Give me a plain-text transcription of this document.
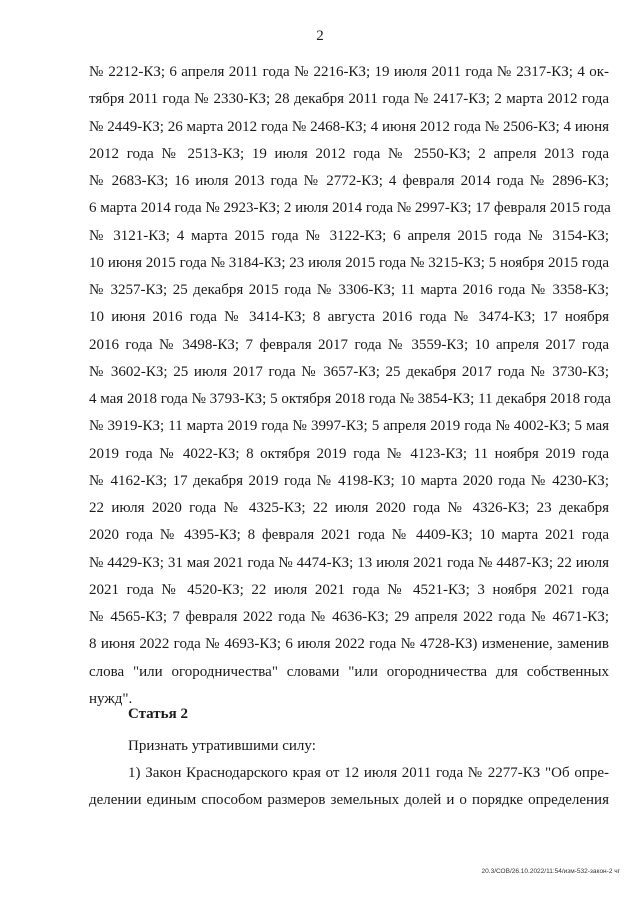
2
№ 2212-КЗ; 6 апреля 2011 года № 2216-КЗ; 19 июля 2011 года № 2317-КЗ; 4 ок-
тября 2011 года № 2330-КЗ; 28 декабря 2011 года № 2417-КЗ; 2 марта 2012 года
№ 2449-КЗ; 26 марта 2012 года № 2468-КЗ; 4 июня 2012 года № 2506-КЗ; 4 июня
2012 года № 2513-КЗ; 19 июля 2012 года № 2550-КЗ; 2 апреля 2013 года
№ 2683-КЗ; 16 июля 2013 года № 2772-КЗ; 4 февраля 2014 года № 2896-КЗ;
6 марта 2014 года № 2923-КЗ; 2 июля 2014 года № 2997-КЗ; 17 февраля 2015 года
№ 3121-КЗ; 4 марта 2015 года № 3122-КЗ; 6 апреля 2015 года № 3154-КЗ;
10 июня 2015 года № 3184-КЗ; 23 июля 2015 года № 3215-КЗ; 5 ноября 2015 года
№ 3257-КЗ; 25 декабря 2015 года № 3306-КЗ; 11 марта 2016 года № 3358-КЗ;
10 июня 2016 года № 3414-КЗ; 8 августа 2016 года № 3474-КЗ; 17 ноября
2016 года № 3498-КЗ; 7 февраля 2017 года № 3559-КЗ; 10 апреля 2017 года
№ 3602-КЗ; 25 июля 2017 года № 3657-КЗ; 25 декабря 2017 года № 3730-КЗ;
4 мая 2018 года № 3793-КЗ; 5 октября 2018 года № 3854-КЗ; 11 декабря 2018 года
№ 3919-КЗ; 11 марта 2019 года № 3997-КЗ; 5 апреля 2019 года № 4002-КЗ; 5 мая
2019 года № 4022-КЗ; 8 октября 2019 года № 4123-КЗ; 11 ноября 2019 года
№ 4162-КЗ; 17 декабря 2019 года № 4198-КЗ; 10 марта 2020 года № 4230-КЗ;
22 июля 2020 года № 4325-КЗ; 22 июля 2020 года № 4326-КЗ; 23 декабря
2020 года № 4395-КЗ; 8 февраля 2021 года № 4409-КЗ; 10 марта 2021 года
№ 4429-КЗ; 31 мая 2021 года № 4474-КЗ; 13 июля 2021 года № 4487-КЗ; 22 июля
2021 года № 4520-КЗ; 22 июля 2021 года № 4521-КЗ; 3 ноября 2021 года
№ 4565-КЗ; 7 февраля 2022 года № 4636-КЗ; 29 апреля 2022 года № 4671-КЗ;
8 июня 2022 года № 4693-КЗ; 6 июля 2022 года № 4728-КЗ) изменение, заменив
слова "или огородничества" словами "или огородничества для собственных
нужд".
Статья 2
Признать утратившими силу:
1) Закон Краснодарского края от 12 июля 2011 года № 2277-КЗ "Об опре-
делении единым способом размеров земельных долей и о порядке определения
20.3/СОВ/26.10.2022/11:54/изм-532-закон-2 чг
